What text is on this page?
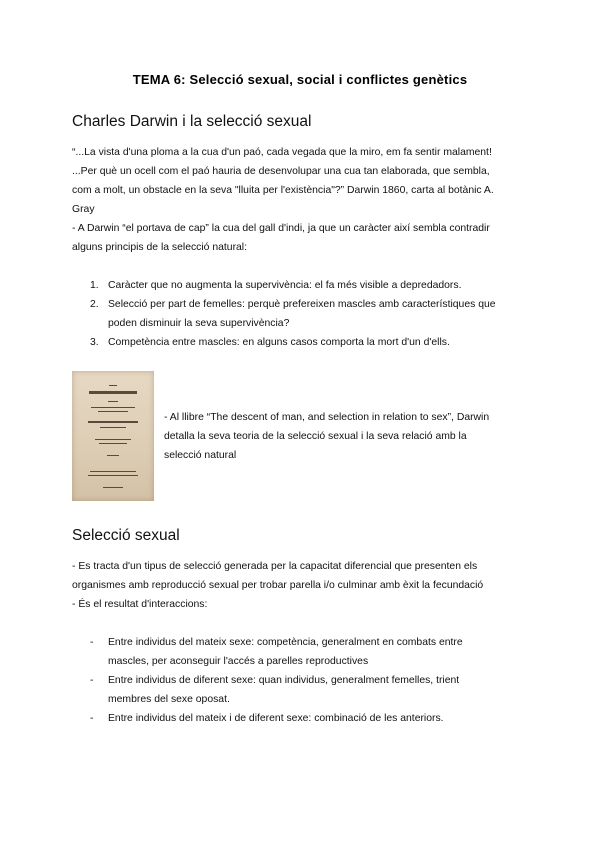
TEMA 6: Selecció sexual, social i conflictes genètics
Charles Darwin i la selecció sexual
“...La vista d'una ploma a la cua d'un paó, cada vegada que la miro, em fa sentir malament!
...Per què un ocell com el paó hauria de desenvolupar una cua tan elaborada, que sembla,
com a molt, un obstacle en la seva "lluita per l'existència"?” Darwin 1860, carta al botànic A.
Gray
- A Darwin “el portava de cap” la cua del gall d'indi, ja que un caràcter així sembla contradir
alguns principis de la selecció natural:
1. Caràcter que no augmenta la supervivència: el fa més visible a depredadors.
2. Selecció per part de femelles: perquè prefereixen mascles amb característiques que
poden disminuir la seva supervivència?
3. Competència entre mascles: en alguns casos comporta la mort d'un d'ells.
- Al llibre “The descent of man, and selection in relation to sex”, Darwin
detalla la seva teoria de la selecció sexual i la seva relació amb la
selecció natural
Selecció sexual
- Es tracta d'un tipus de selecció generada per la capacitat diferencial que presenten els
organismes amb reproducció sexual per trobar parella i/o culminar amb èxit la fecundació
- És el resultat d'interaccions:
- Entre individus del mateix sexe: competència, generalment en combats entre
mascles, per aconseguir l'accés a parelles reproductives
- Entre individus de diferent sexe: quan individus, generalment femelles, trient
membres del sexe oposat.
- Entre individus del mateix i de diferent sexe: combinació de les anteriors.
